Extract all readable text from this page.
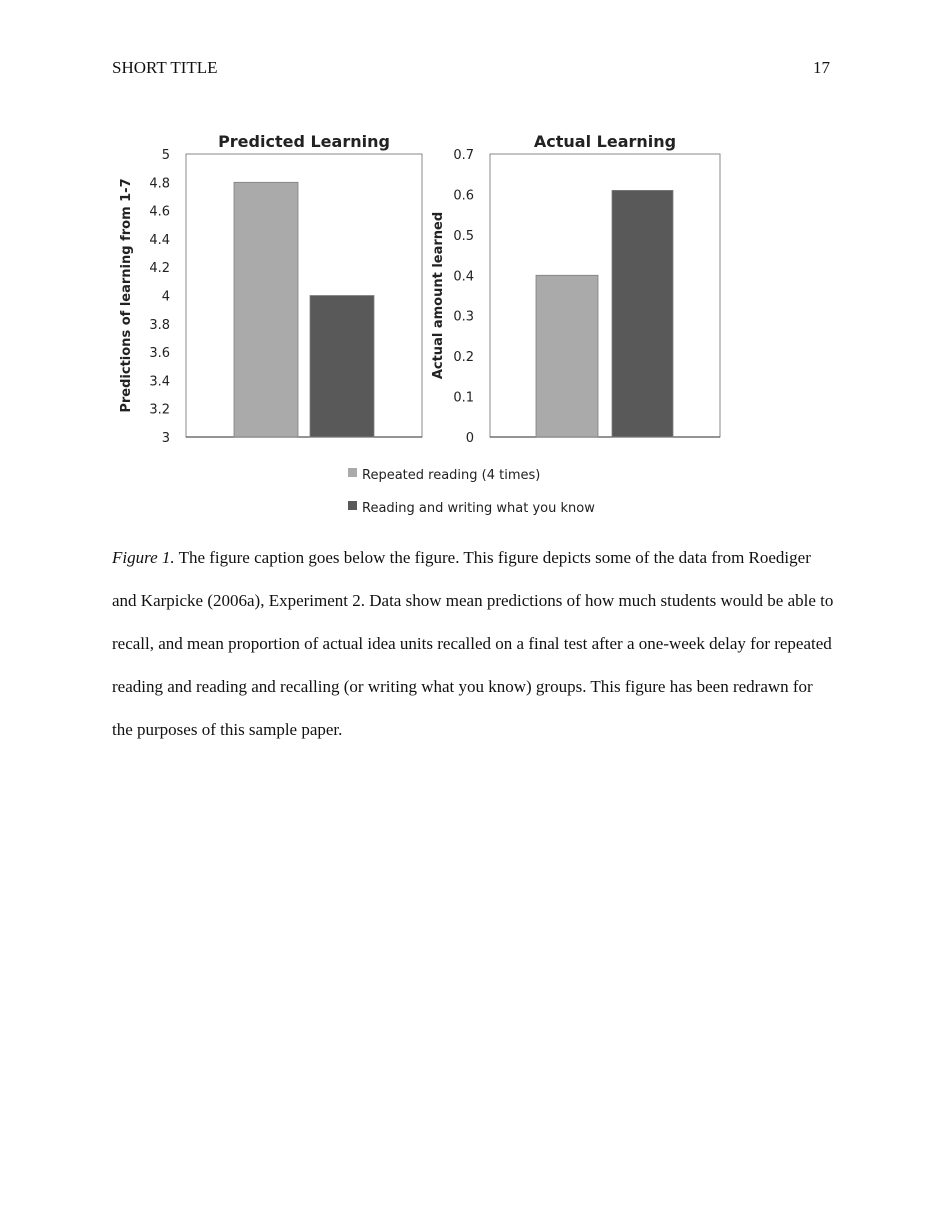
SHORT TITLE	17
Predicted Learning
3
3.2
3.4
3.6
3.8
4
4.2
4.4
4.6
4.8
5
Predictions of learning from 1-7
Actual Learning
0
0.1
0.2
0.3
0.4
0.5
0.6
0.7
Actual amount learned
Repeated reading (4 times)
Reading and writing what you know

Figure 1. The figure caption goes below the figure. This figure depicts some of the data from Roediger and Karpicke (2006a), Experiment 2. Data show mean predictions of how much students would be able to recall, and mean proportion of actual idea units recalled on a final test after a one-week delay for repeated reading and reading and recalling (or writing what you know) groups. This figure has been redrawn for the purposes of this sample paper.
